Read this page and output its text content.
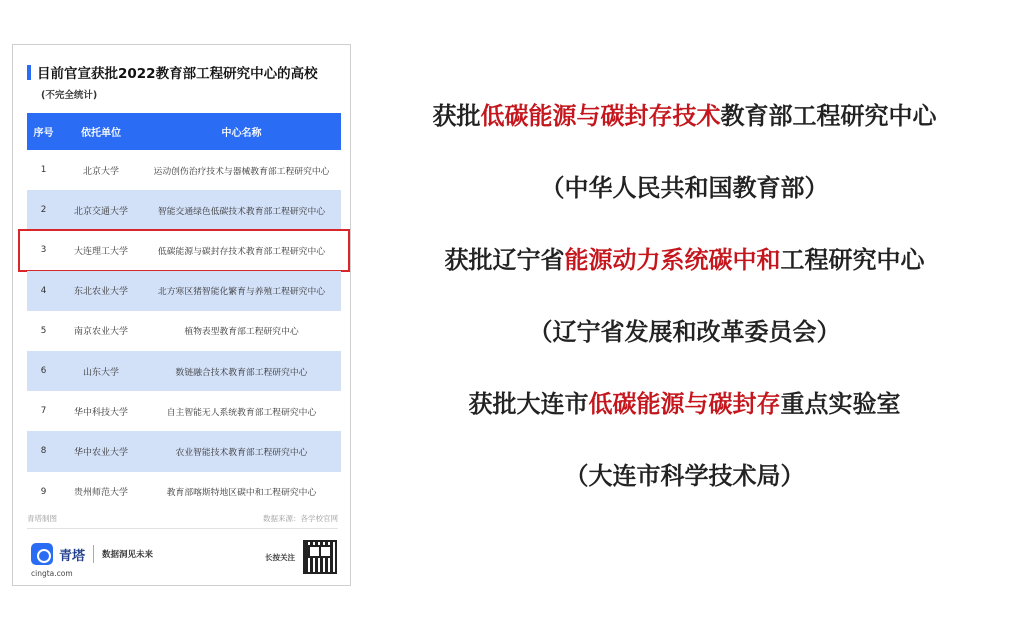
目前官宣获批2022教育部工程研究中心的高校
(不完全统计)
序号	依托单位	中心名称
1	北京大学	运动创伤治疗技术与器械教育部工程研究中心
2	北京交通大学	智能交通绿色低碳技术教育部工程研究中心
3	大连理工大学	低碳能源与碳封存技术教育部工程研究中心
4	东北农业大学	北方寒区猪智能化繁育与养殖工程研究中心
5	南京农业大学	植物表型教育部工程研究中心
6	山东大学	数链融合技术教育部工程研究中心
7	华中科技大学	自主智能无人系统教育部工程研究中心
8	华中农业大学	农业智能技术教育部工程研究中心
9	贵州师范大学	教育部喀斯特地区碳中和工程研究中心
青塔制图	数据来源：各学校官网
青塔 数据洞见未来
cingta.com
长按关注
获批低碳能源与碳封存技术教育部工程研究中心
（中华人民共和国教育部）
获批辽宁省能源动力系统碳中和工程研究中心
（辽宁省发展和改革委员会）
获批大连市低碳能源与碳封存重点实验室
（大连市科学技术局）
